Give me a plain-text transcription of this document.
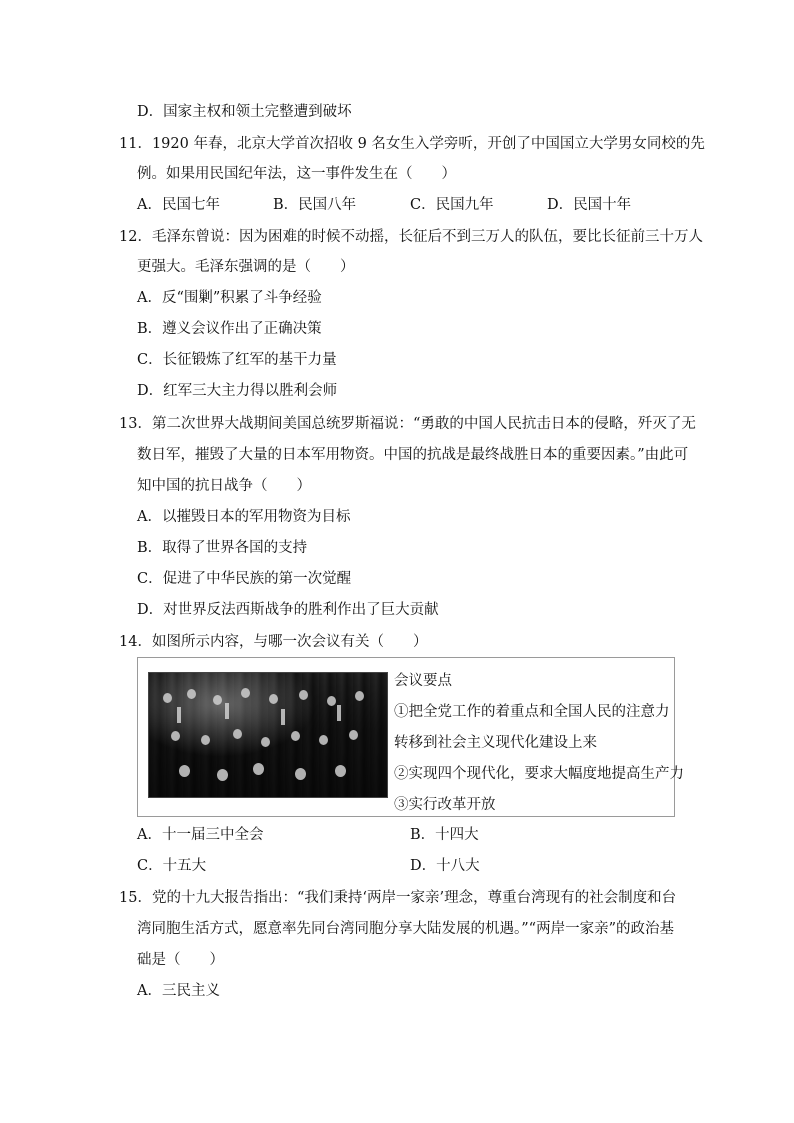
D．国家主权和领土完整遭到破坏
11．1920 年春，北京大学首次招收 9 名女生入学旁听，开创了中国国立大学男女同校的先
例。如果用民国纪年法，这一事件发生在（　　）
A．民国七年	B．民国八年	C．民国九年	D．民国十年
12．毛泽东曾说：因为困难的时候不动摇，长征后不到三万人的队伍，要比长征前三十万人
更强大。毛泽东强调的是（　　）
A．反“围剿”积累了斗争经验
B．遵义会议作出了正确决策
C．长征锻炼了红军的基干力量
D．红军三大主力得以胜利会师
13．第二次世界大战期间美国总统罗斯福说：“勇敢的中国人民抗击日本的侵略，歼灭了无
数日军，摧毁了大量的日本军用物资。中国的抗战是最终战胜日本的重要因素。”由此可
知中国的抗日战争（　　）
A．以摧毁日本的军用物资为目标
B．取得了世界各国的支持
C．促进了中华民族的第一次觉醒
D．对世界反法西斯战争的胜利作出了巨大贡献
14．如图所示内容，与哪一次会议有关（　　）
会议要点
①把全党工作的着重点和全国人民的注意力
转移到社会主义现代化建设上来
②实现四个现代化，要求大幅度地提高生产力
③实行改革开放
A．十一届三中全会	B．十四大
C．十五大	D．十八大
15．党的十九大报告指出：“我们秉持‘两岸一家亲’理念，尊重台湾现有的社会制度和台
湾同胞生活方式，愿意率先同台湾同胞分享大陆发展的机遇。”“两岸一家亲”的政治基
础是（　　）
A．三民主义
